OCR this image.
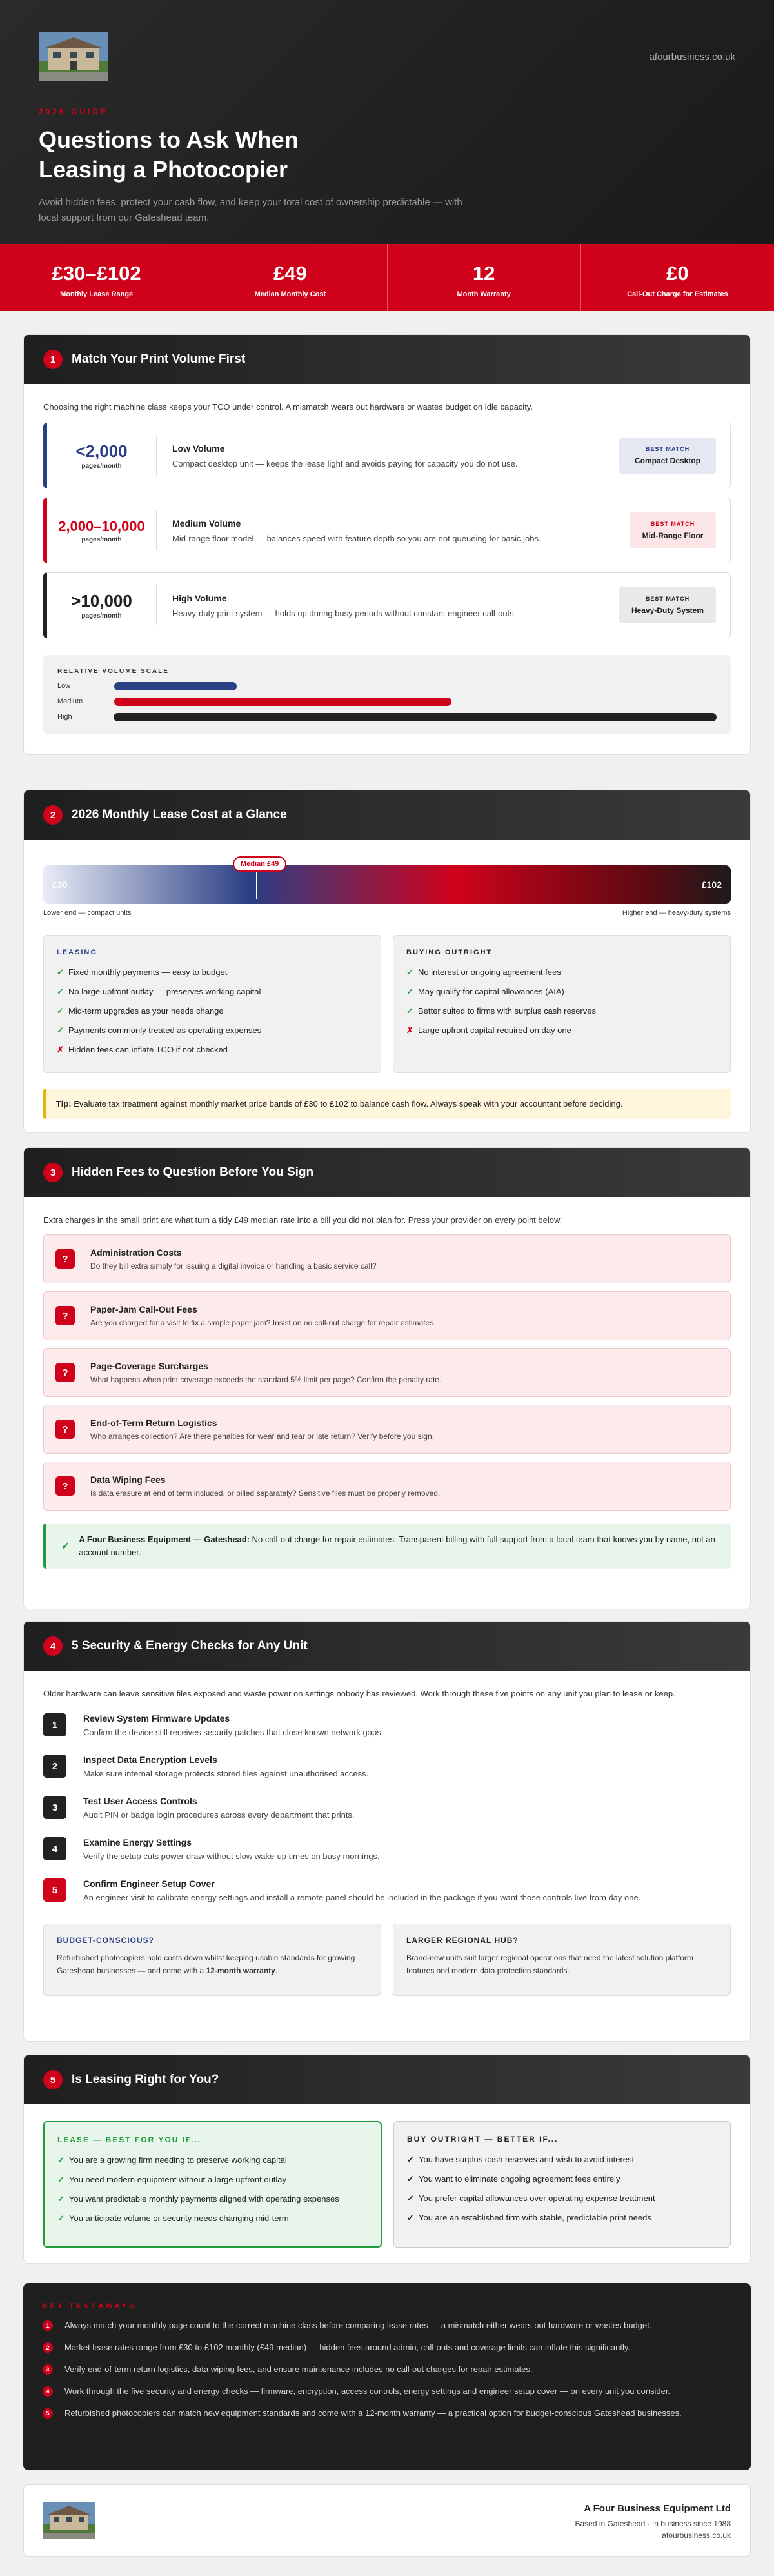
afourbusiness.co.uk
2026 GUIDE
Questions to Ask When Leasing a Photocopier
Avoid hidden fees, protect your cash flow, and keep your total cost of ownership predictable — with local support from our Gateshead team.
£30–£102
Monthly Lease Range
£49
Median Monthly Cost
12
Month Warranty
£0
Call-Out Charge for Estimates
1	Match Your Print Volume First
Choosing the right machine class keeps your TCO under control. A mismatch wears out hardware or wastes budget on idle capacity.
<2,000
pages/month
Low Volume
Compact desktop unit — keeps the lease light and avoids paying for capacity you do not use.
BEST MATCH
Compact Desktop
2,000–10,000
pages/month
Medium Volume
Mid-range floor model — balances speed with feature depth so you are not queueing for basic jobs.
BEST MATCH
Mid-Range Floor
>10,000
pages/month
High Volume
Heavy-duty print system — holds up during busy periods without constant engineer call-outs.
BEST MATCH
Heavy-Duty System
RELATIVE VOLUME SCALE
Low
Medium
High
2	2026 Monthly Lease Cost at a Glance
£30	£102
Median £49
Lower end — compact units	Higher end — heavy-duty systems
LEASING
✓ Fixed monthly payments — easy to budget
✓ No large upfront outlay — preserves working capital
✓ Mid-term upgrades as your needs change
✓ Payments commonly treated as operating expenses
✗ Hidden fees can inflate TCO if not checked
BUYING OUTRIGHT
✓ No interest or ongoing agreement fees
✓ May qualify for capital allowances (AIA)
✓ Better suited to firms with surplus cash reserves
✗ Large upfront capital required on day one
Tip: Evaluate tax treatment against monthly market price bands of £30 to £102 to balance cash flow. Always speak with your accountant before deciding.
3	Hidden Fees to Question Before You Sign
Extra charges in the small print are what turn a tidy £49 median rate into a bill you did not plan for. Press your provider on every point below.
?
Administration Costs
Do they bill extra simply for issuing a digital invoice or handling a basic service call?
?
Paper-Jam Call-Out Fees
Are you charged for a visit to fix a simple paper jam? Insist on no call-out charge for repair estimates.
?
Page-Coverage Surcharges
What happens when print coverage exceeds the standard 5% limit per page? Confirm the penalty rate.
?
End-of-Term Return Logistics
Who arranges collection? Are there penalties for wear and tear or late return? Verify before you sign.
?
Data Wiping Fees
Is data erasure at end of term included, or billed separately? Sensitive files must be properly removed.
✓
A Four Business Equipment — Gateshead: No call-out charge for repair estimates. Transparent billing with full support from a local team that knows you by name, not an account number.
4	5 Security & Energy Checks for Any Unit
Older hardware can leave sensitive files exposed and waste power on settings nobody has reviewed. Work through these five points on any unit you plan to lease or keep.
1
Review System Firmware Updates
Confirm the device still receives security patches that close known network gaps.
2
Inspect Data Encryption Levels
Make sure internal storage protects stored files against unauthorised access.
3
Test User Access Controls
Audit PIN or badge login procedures across every department that prints.
4
Examine Energy Settings
Verify the setup cuts power draw without slow wake-up times on busy mornings.
5
Confirm Engineer Setup Cover
An engineer visit to calibrate energy settings and install a remote panel should be included in the package if you want those controls live from day one.
BUDGET-CONSCIOUS?
Refurbished photocopiers hold costs down whilst keeping usable standards for growing Gateshead businesses — and come with a 12-month warranty.
LARGER REGIONAL HUB?
Brand-new units suit larger regional operations that need the latest solution platform features and modern data protection standards.
5	Is Leasing Right for You?
LEASE — BEST FOR YOU IF...
✓ You are a growing firm needing to preserve working capital
✓ You need modern equipment without a large upfront outlay
✓ You want predictable monthly payments aligned with operating expenses
✓ You anticipate volume or security needs changing mid-term
BUY OUTRIGHT — BETTER IF...
✓ You have surplus cash reserves and wish to avoid interest
✓ You want to eliminate ongoing agreement fees entirely
✓ You prefer capital allowances over operating expense treatment
✓ You are an established firm with stable, predictable print needs
KEY TAKEAWAYS
1	Always match your monthly page count to the correct machine class before comparing lease rates — a mismatch either wears out hardware or wastes budget.
2	Market lease rates range from £30 to £102 monthly (£49 median) — hidden fees around admin, call-outs and coverage limits can inflate this significantly.
3	Verify end-of-term return logistics, data wiping fees, and ensure maintenance includes no call-out charges for repair estimates.
4	Work through the five security and energy checks — firmware, encryption, access controls, energy settings and engineer setup cover — on every unit you consider.
5	Refurbished photocopiers can match new equipment standards and come with a 12-month warranty — a practical option for budget-conscious Gateshead businesses.
A Four Business Equipment Ltd
Based in Gateshead · In business since 1988
afourbusiness.co.uk
